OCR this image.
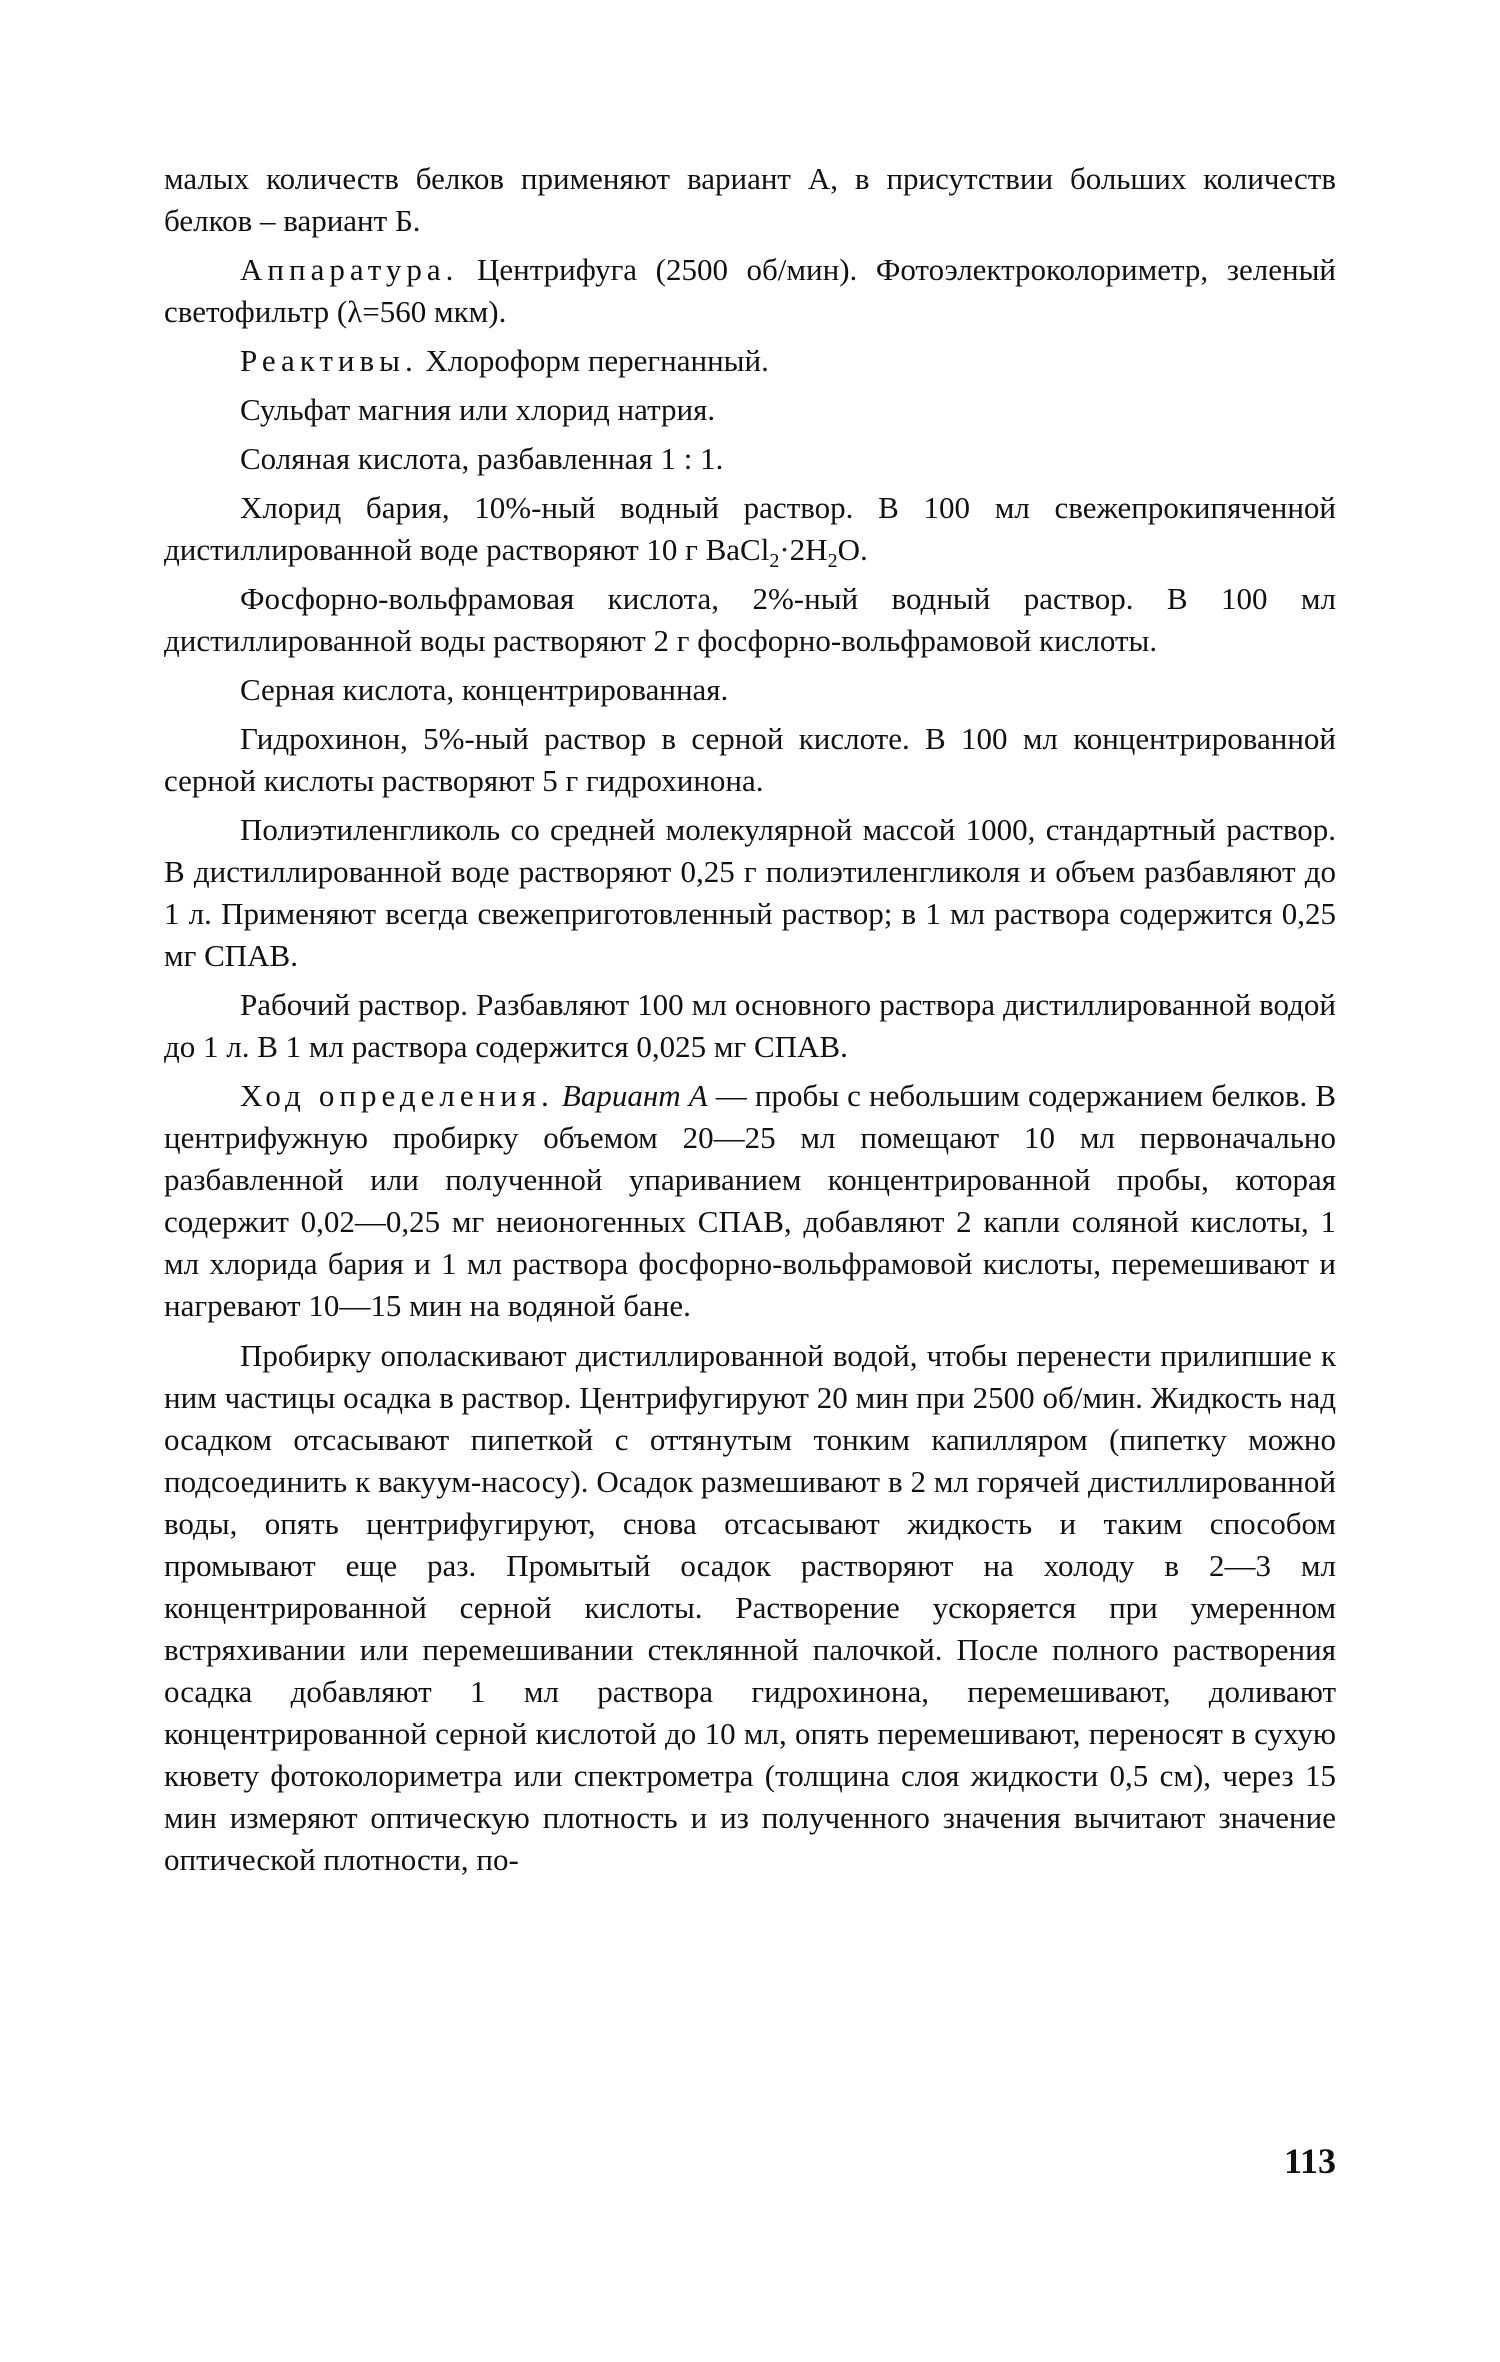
малых количеств белков применяют вариант А, в присутствии больших количеств белков – вариант Б.

Аппаратура. Центрифуга (2500 об/мин). Фотоэлектроколориметр, зеленый светофильтр (λ=560 мкм).

Реактивы. Хлороформ перегнанный.

Сульфат магния или хлорид натрия.

Соляная кислота, разбавленная 1 : 1.

Хлорид бария, 10%-ный водный раствор. В 100 мл свежепрокипяченной дистиллированной воде растворяют 10 г $BaCl_2\cdot 2H_2O$.

Фосфорно-вольфрамовая кислота, 2%-ный водный раствор. В 100 мл дистиллированной воды растворяют 2 г фосфорно-вольфрамовой кислоты.

Серная кислота, концентрированная.

Гидрохинон, 5%-ный раствор в серной кислоте. В 100 мл концентрированной серной кислоты растворяют 5 г гидрохинона.

Полиэтиленгликоль со средней молекулярной массой 1000, стандартный раствор. В дистиллированной воде растворяют 0,25 г полиэтиленгликоля и объем разбавляют до 1 л. Применяют всегда свежеприготовленный раствор; в 1 мл раствора содержится 0,25 мг СПАВ.

Рабочий раствор. Разбавляют 100 мл основного раствора дистиллированной водой до 1 л. В 1 мл раствора содержится 0,025 мг СПАВ.

Ход определения. Вариант А — пробы с небольшим содержанием белков. В центрифужную пробирку объемом 20—25 мл помещают 10 мл первоначально разбавленной или полученной упариванием концентрированной пробы, которая содержит 0,02—0,25 мг неионогенных СПАВ, добавляют 2 капли соляной кислоты, 1 мл хлорида бария и 1 мл раствора фосфорно-вольфрамовой кислоты, перемешивают и нагревают 10—15 мин на водяной бане.

Пробирку ополаскивают дистиллированной водой, чтобы перенести прилипшие к ним частицы осадка в раствор. Центрифугируют 20 мин при 2500 об/мин. Жидкость над осадком отсасывают пипеткой с оттянутым тонким капилляром (пипетку можно подсоединить к вакуум-насосу). Осадок размешивают в 2 мл горячей дистиллированной воды, опять центрифугируют, снова отсасывают жидкость и таким способом промывают еще раз. Промытый осадок растворяют на холоду в 2—3 мл концентрированной серной кислоты. Растворение ускоряется при умеренном встряхивании или перемешивании стеклянной палочкой. После полного растворения осадка добавляют 1 мл раствора гидрохинона, перемешивают, доливают концентрированной серной кислотой до 10 мл, опять перемешивают, переносят в сухую кювету фотоколориметра или спектрометра (толщина слоя жидкости 0,5 см), через 15 мин измеряют оптическую плотность и из полученного значения вычитают значение оптической плотности, по-

113
